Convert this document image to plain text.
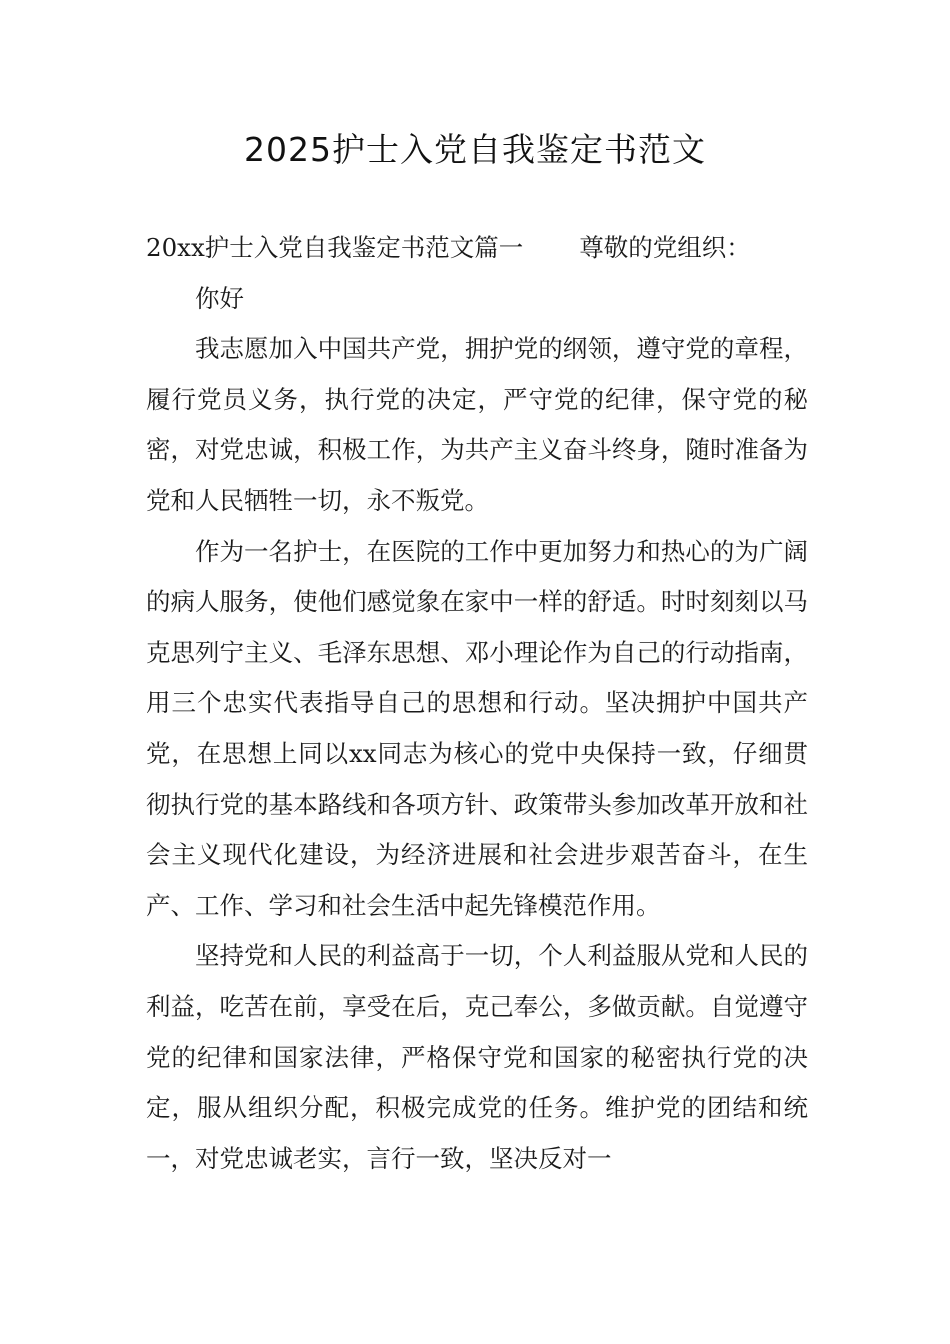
2025护士入党自我鉴定书范文

20xx护士入党自我鉴定书范文篇一 尊敬的党组织：

你好

我志愿加入中国共产党，拥护党的纲领，遵守党的章程，履行党员义务，执行党的决定，严守党的纪律，保守党的秘密，对党忠诚，积极工作，为共产主义奋斗终身，随时准备为党和人民牺牲一切，永不叛党。

作为一名护士，在医院的工作中更加努力和热心的为广阔的病人服务，使他们感觉象在家中一样的舒适。时时刻刻以马克思列宁主义、毛泽东思想、邓小理论作为自己的行动指南，用三个忠实代表指导自己的思想和行动。坚决拥护中国共产党，在思想上同以xx同志为核心的党中央保持一致，仔细贯彻执行党的基本路线和各项方针、政策带头参加改革开放和社会主义现代化建设，为经济进展和社会进步艰苦奋斗，在生产、工作、学习和社会生活中起先锋模范作用。

坚持党和人民的利益高于一切，个人利益服从党和人民的利益，吃苦在前，享受在后，克己奉公，多做贡献。自觉遵守党的纪律和国家法律，严格保守党和国家的秘密执行党的决定，服从组织分配，积极完成党的任务。维护党的团结和统一，对党忠诚老实，言行一致，坚决反对一
